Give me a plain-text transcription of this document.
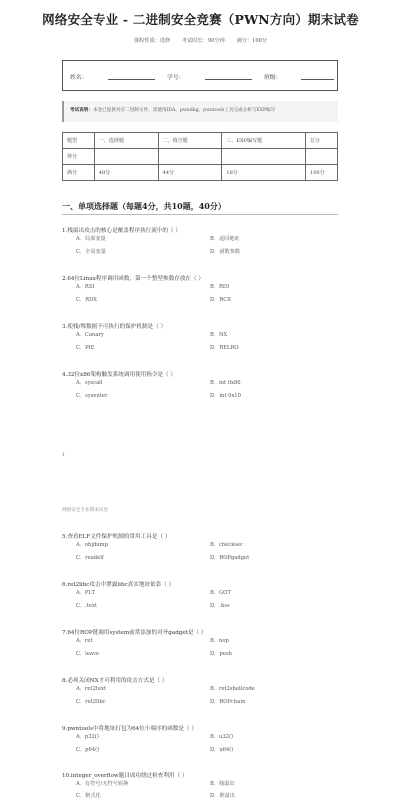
网络安全专业 - 二进制安全竞赛（PWN方向）期末试卷
课程性质：选修 考试时长：90分钟 满分：100分
姓名：	学号：	班级：
考试说明：本卷已提供对应二进制文件，需使用IDA、pwndbg、pwntools工具完成分析与EXP编写
题型	一、选择题	二、填空题	三、EXP编写题	总分
得分				
满分	40分	44分	16分	100分
一、单项选择题（每题4分，共10题，40分）
1.栈溢出攻击的核心是覆盖程序执行流中的（ ）
A．局部变量	B．返回地址
C．全局变量	D．函数参数
2.64位Linux程序调用函数，第一个整型参数存放在（ ）
A．RSI	B．RDI
C．RDX	D．RCX
3.使栈/堆数据不可执行的保护机制是（ ）
A．Canary	B．NX
C．PIE	D．RELRO
4.32位x86架构触发系统调用使用指令是（ ）
A．syscall	B．int 0x80
C．sysenter	D．int 0x10
1
网络安全专业期末试卷
5.查看ELF文件保护机制的常用工具是（ ）
A．objdump	B．checksec
C．readelf	D．ROPgadget
6.ret2libc攻击中泄露libc真实地址依靠（ ）
A．PLT	B．GOT
C．.text	D．.bss
7.64位ROP链调用system前常添加的对齐gadget是（ ）
A．ret	B．nop
C．leave	D．push
8.必须关闭NX才可利用的攻击方式是（ ）
A．ret2text	B．ret2shellcode
C．ret2libc	D．ROPchain
9.pwntools中将地址打包为64位小端序的函数是（ ）
A．p32()	B．u32()
C．p64()	D．u64()
10.integer_overflow题目成功绕过检查利用（ ）
A．有符号/无符号转换	B．栈溢出
C．格式化	D．堆溢出
